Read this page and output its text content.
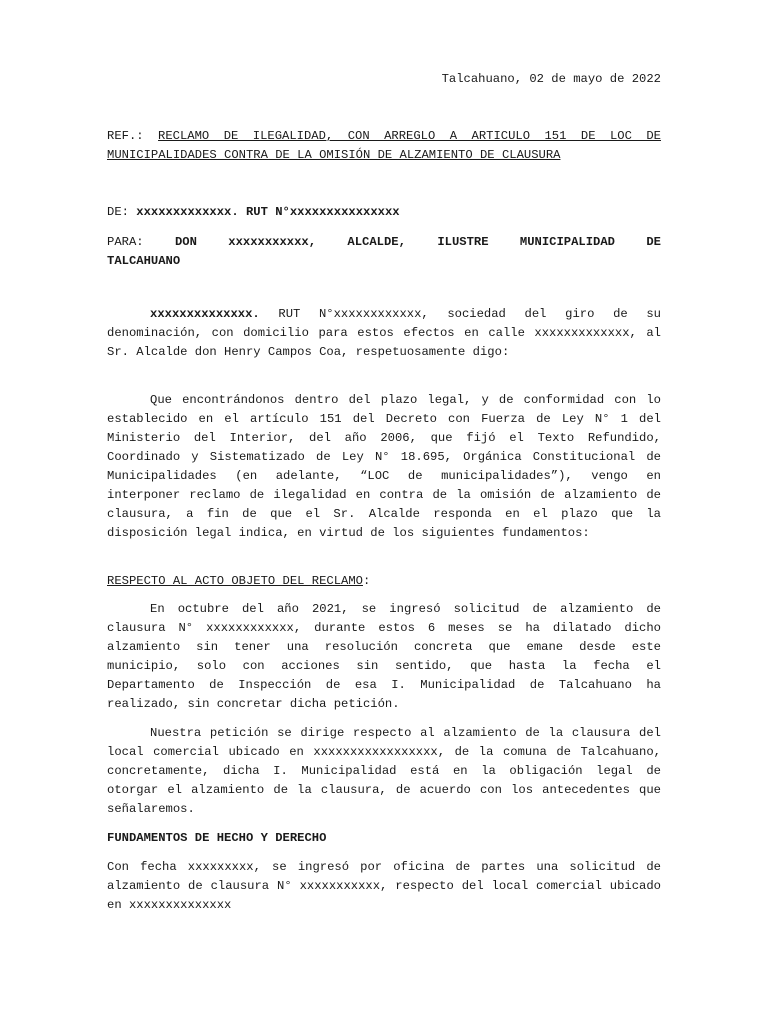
Talcahuano, 02 de mayo de 2022

REF.: RECLAMO DE ILEGALIDAD, CON ARREGLO A ARTICULO 151 DE LOC DE MUNICIPALIDADES CONTRA DE LA OMISIÓN DE ALZAMIENTO DE CLAUSURA

DE: xxxxxxxxxxxxx. RUT N°xxxxxxxxxxxxxxx

PARA:	DON	xxxxxxxxxxx,	ALCALDE,	ILUSTRE	MUNICIPALIDAD	DE
TALCAHUANO

xxxxxxxxxxxxxx. RUT N°xxxxxxxxxxxx, sociedad del giro de su denominación, con domicilio para estos efectos en calle xxxxxxxxxxxxx, al Sr. Alcalde don Henry Campos Coa, respetuosamente digo:

Que encontrándonos dentro del plazo legal, y de conformidad con lo establecido en el artículo 151 del Decreto con Fuerza de Ley N° 1 del Ministerio del Interior, del año 2006, que fijó el Texto Refundido, Coordinado y Sistematizado de Ley N° 18.695, Orgánica Constitucional de Municipalidades (en adelante, “LOC de municipalidades”), vengo en interponer reclamo de ilegalidad en contra de la omisión de alzamiento de clausura, a fin de que el Sr. Alcalde responda en el plazo que la disposición legal indica, en virtud de los siguientes fundamentos:

RESPECTO AL ACTO OBJETO DEL RECLAMO:

En octubre del año 2021, se ingresó solicitud de alzamiento de clausura N° xxxxxxxxxxxx, durante estos 6 meses se ha dilatado dicho alzamiento sin tener una resolución concreta que emane desde este municipio, solo con acciones sin sentido, que hasta la fecha el Departamento de Inspección de esa I. Municipalidad de Talcahuano ha realizado, sin concretar dicha petición.

Nuestra petición se dirige respecto al alzamiento de la clausura del local comercial ubicado en xxxxxxxxxxxxxxxxx, de la comuna de Talcahuano, concretamente, dicha I. Municipalidad está en la obligación legal de otorgar el alzamiento de la clausura, de acuerdo con los antecedentes que señalaremos.

FUNDAMENTOS DE HECHO Y DERECHO

Con fecha xxxxxxxxx, se ingresó por oficina de partes una solicitud de alzamiento de clausura N° xxxxxxxxxxx, respecto del local comercial ubicado en xxxxxxxxxxxxxx
